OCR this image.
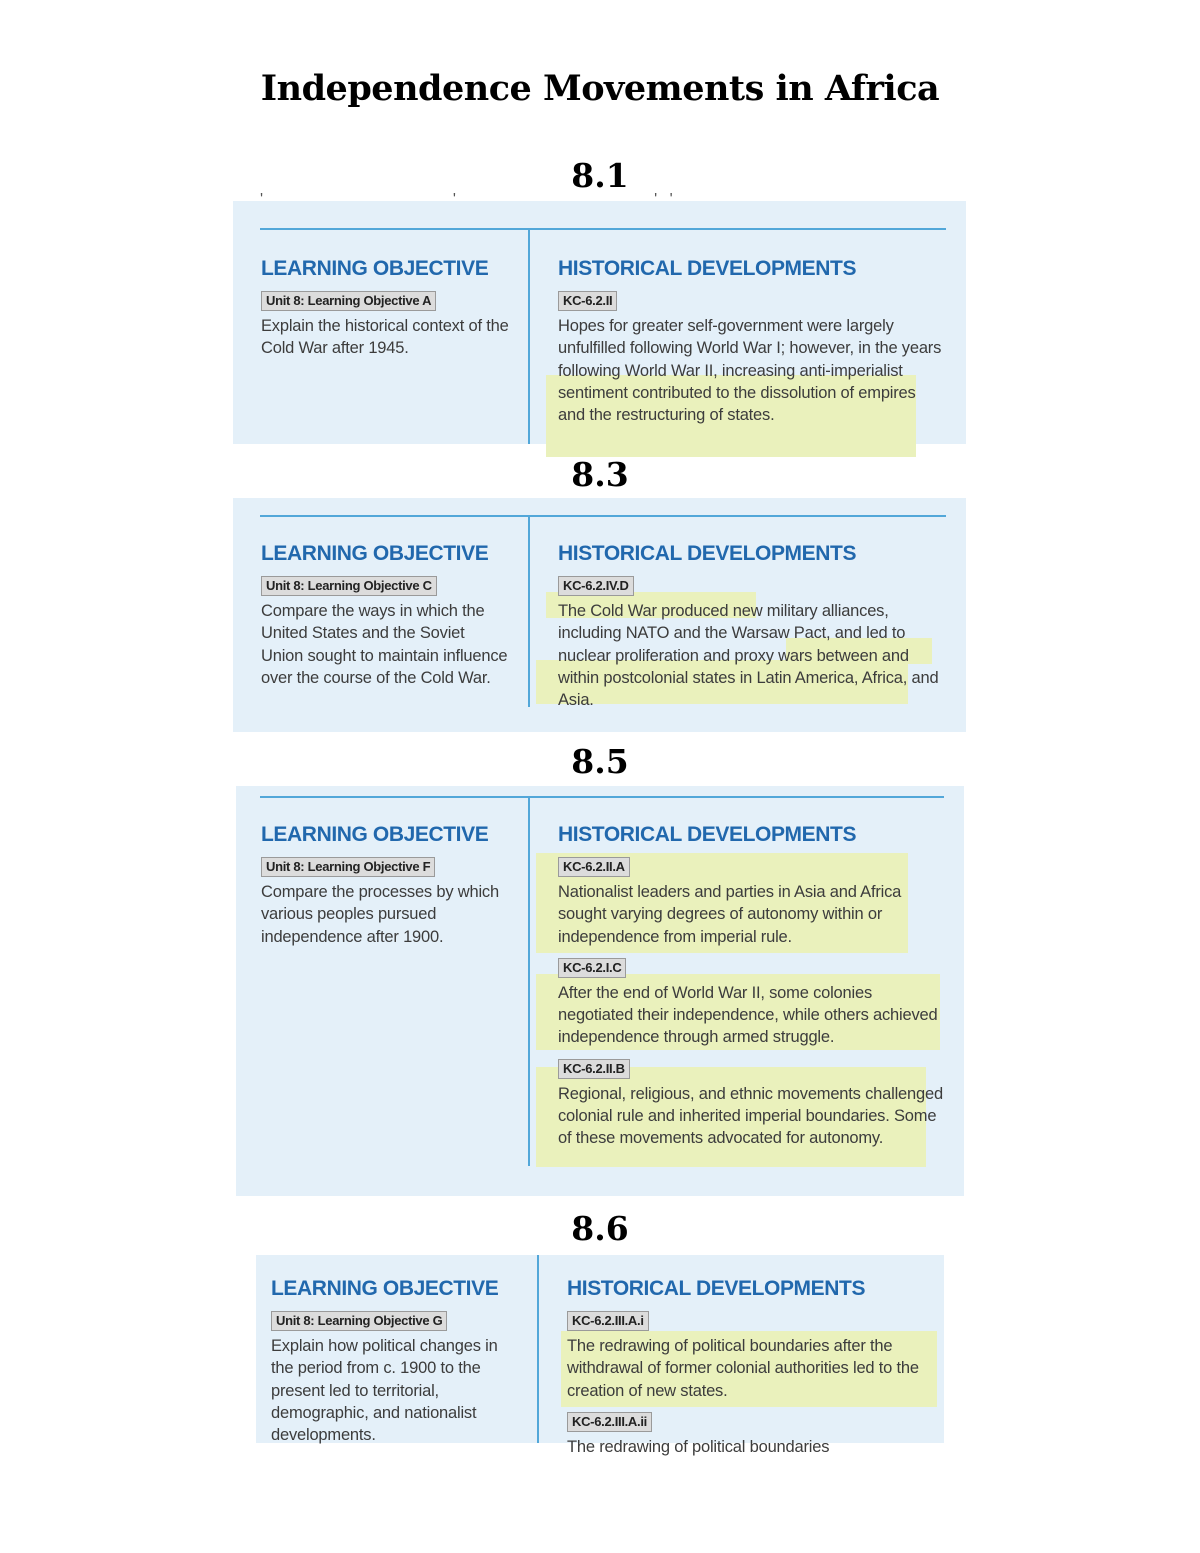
Independence Movements in Africa
8.1
'                      '                       ' '
LEARNING OBJECTIVE
Unit 8: Learning Objective A
Explain the historical context of the Cold War after 1945.
HISTORICAL DEVELOPMENTS
KC-6.2.II
Hopes for greater self-government were largely unfulfilled following World War I; however, in the years following World War II, increasing anti-imperialist sentiment contributed to the dissolution of empires and the restructuring of states.
8.3
LEARNING OBJECTIVE
Unit 8: Learning Objective C
Compare the ways in which the United States and the Soviet Union sought to maintain influence over the course of the Cold War.
HISTORICAL DEVELOPMENTS
KC-6.2.IV.D
The Cold War produced new military alliances, including NATO and the Warsaw Pact, and led to nuclear proliferation and proxy wars between and within postcolonial states in Latin America, Africa, and Asia.
8.5
LEARNING OBJECTIVE
Unit 8: Learning Objective F
Compare the processes by which various peoples pursued independence after 1900.
HISTORICAL DEVELOPMENTS
KC-6.2.II.A
Nationalist leaders and parties in Asia and Africa sought varying degrees of autonomy within or independence from imperial rule.
KC-6.2.I.C
After the end of World War II, some colonies negotiated their independence, while others achieved independence through armed struggle.
KC-6.2.II.B
Regional, religious, and ethnic movements challenged colonial rule and inherited imperial boundaries. Some of these movements advocated for autonomy.
8.6
LEARNING OBJECTIVE
Unit 8: Learning Objective G
Explain how political changes in the period from c. 1900 to the present led to territorial, demographic, and nationalist developments.
HISTORICAL DEVELOPMENTS
KC-6.2.III.A.i
The redrawing of political boundaries after the withdrawal of former colonial authorities led to the creation of new states.
KC-6.2.III.A.ii
The redrawing of political boundaries
